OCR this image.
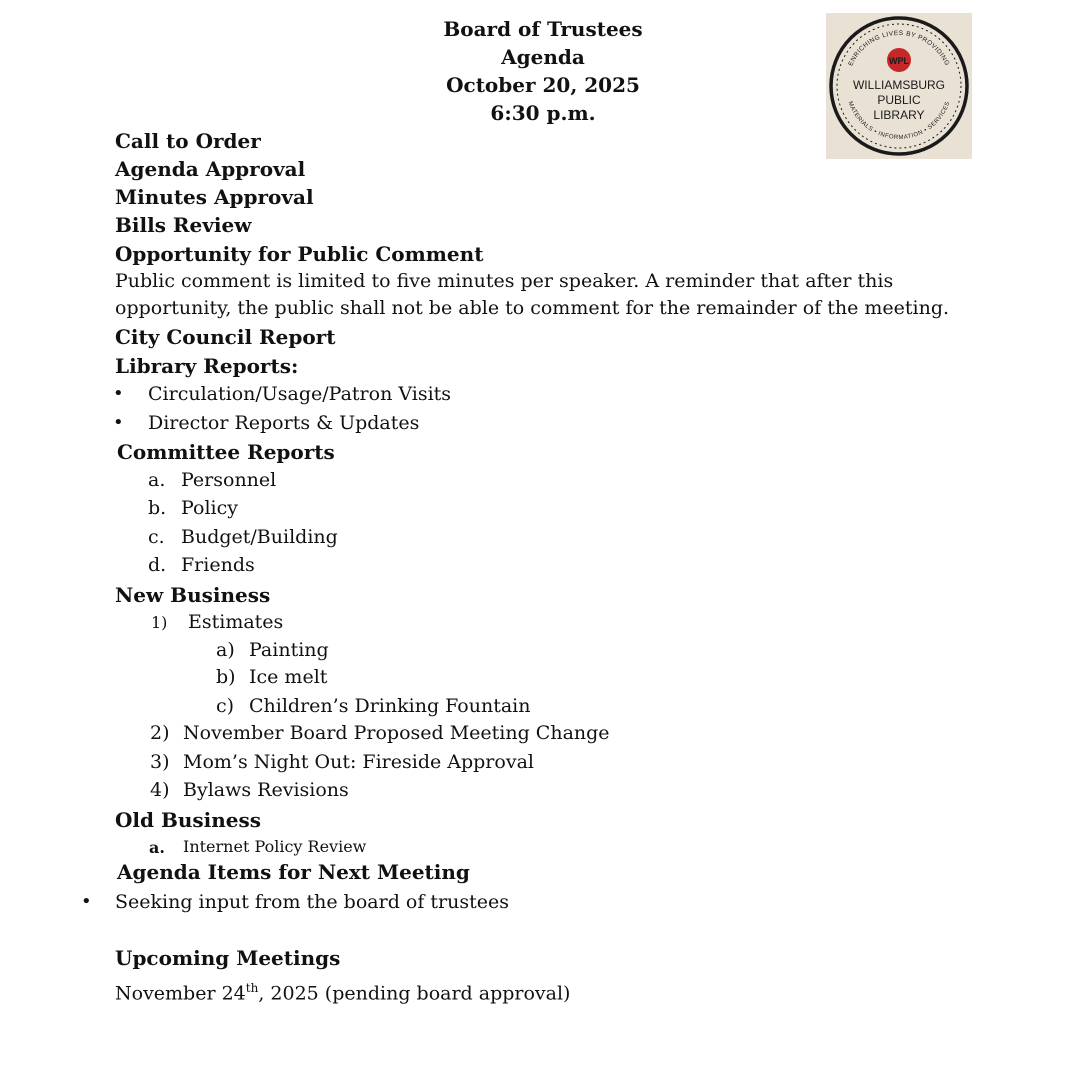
Board of Trustees
Agenda
October 20, 2025
6:30 p.m.
ENRICHING LIVES BY PROVIDING
MATERIALS • INFORMATION • SERVICES
WPL
WILLIAMSBURG
PUBLIC
LIBRARY
Call to Order
Agenda Approval
Minutes Approval
Bills Review
Opportunity for Public Comment
Public comment is limited to five minutes per speaker. A reminder that after this
opportunity, the public shall not be able to comment for the remainder of the meeting.
City Council Report
Library Reports:
• Circulation/Usage/Patron Visits
• Director Reports & Updates
Committee Reports
a. Personnel
b. Policy
c. Budget/Building
d. Friends
New Business
1) Estimates
a) Painting
b) Ice melt
c) Children’s Drinking Fountain
2) November Board Proposed Meeting Change
3) Mom’s Night Out: Fireside Approval
4) Bylaws Revisions
Old Business
a. Internet Policy Review
Agenda Items for Next Meeting
• Seeking input from the board of trustees
Upcoming Meetings
November 24th, 2025 (pending board approval)
